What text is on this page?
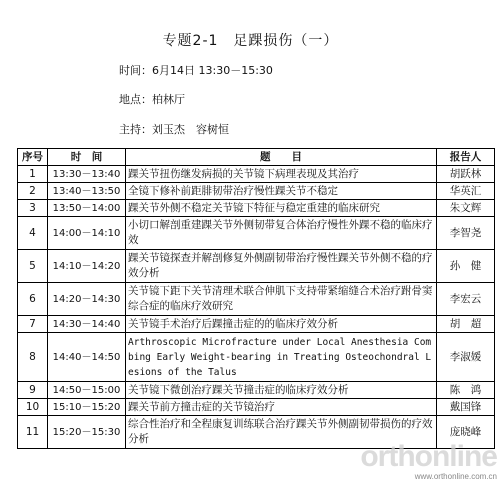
专题2-1　足踝损伤（一）
时间：6月14日 13:30－15:30
地点：柏林厅
主持：刘玉杰　容树恒
序号	时　间	题　　目	报告人
1	13:30－13:40	踝关节扭伤继发病损的关节镜下病理表现及其治疗	胡跃林
2	13:40－13:50	全镜下修补前距腓韧带治疗慢性踝关节不稳定	华英汇
3	13:50－14:00	踝关节外侧不稳定关节镜下特征与稳定重建的临床研究	朱文辉
4	14:00－14:10	小切口解剖重建踝关节外侧韧带复合体治疗慢性外踝不稳的临床疗效	李智尧
5	14:10－14:20	踝关节镜探查并解剖修复外侧副韧带治疗慢性踝关节外侧不稳的疗效分析	孙　健
6	14:20－14:30	关节镜下距下关节清理术联合伸肌下支持带紧缩缝合术治疗跗骨窦综合症的临床疗效研究	李宏云
7	14:30－14:40	关节镜手术治疗后踝撞击症的的临床疗效分析	胡　超
8	14:40－14:50	Arthroscopic Microfracture under Local Anesthesia Combing Early Weight-bearing in Treating Osteochondral Lesions of the Talus	李淑媛
9	14:50－15:00	关节镜下微创治疗踝关节撞击症的临床疗效分析	陈　鸿
10	15:10－15:20	踝关节前方撞击症的关节镜治疗	戴国锋
11	15:20－15:30	综合性治疗和全程康复训练联合治疗踝关节外侧副韧带损伤的疗效分析	庞晓峰
orthonline
www.orthonline.com.cn
